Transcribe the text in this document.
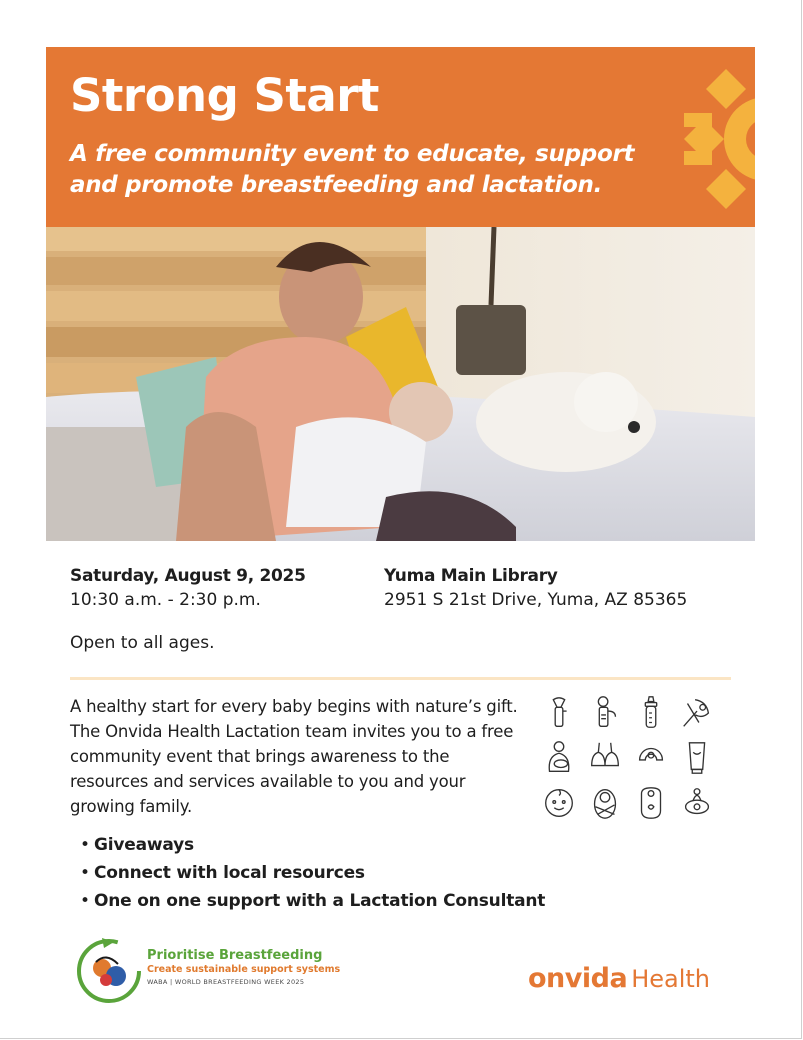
Strong Start

A free community event to educate, support and promote breastfeeding and lactation.

Saturday, August 9, 2025
10:30 a.m. - 2:30 p.m.
Yuma Main Library
2951 S 21st Drive, Yuma, AZ 85365
Open to all ages.
A healthy start for every baby begins with nature’s gift. The Onvida Health Lactation team invites you to a free community event that brings awareness to the resources and services available to you and your growing family.
• Giveaways
• Connect with local resources
• One on one support with a Lactation Consultant
Prioritise Breastfeeding
Create sustainable support systems
WABA | WORLD BREASTFEEDING WEEK 2025	onvida Health
